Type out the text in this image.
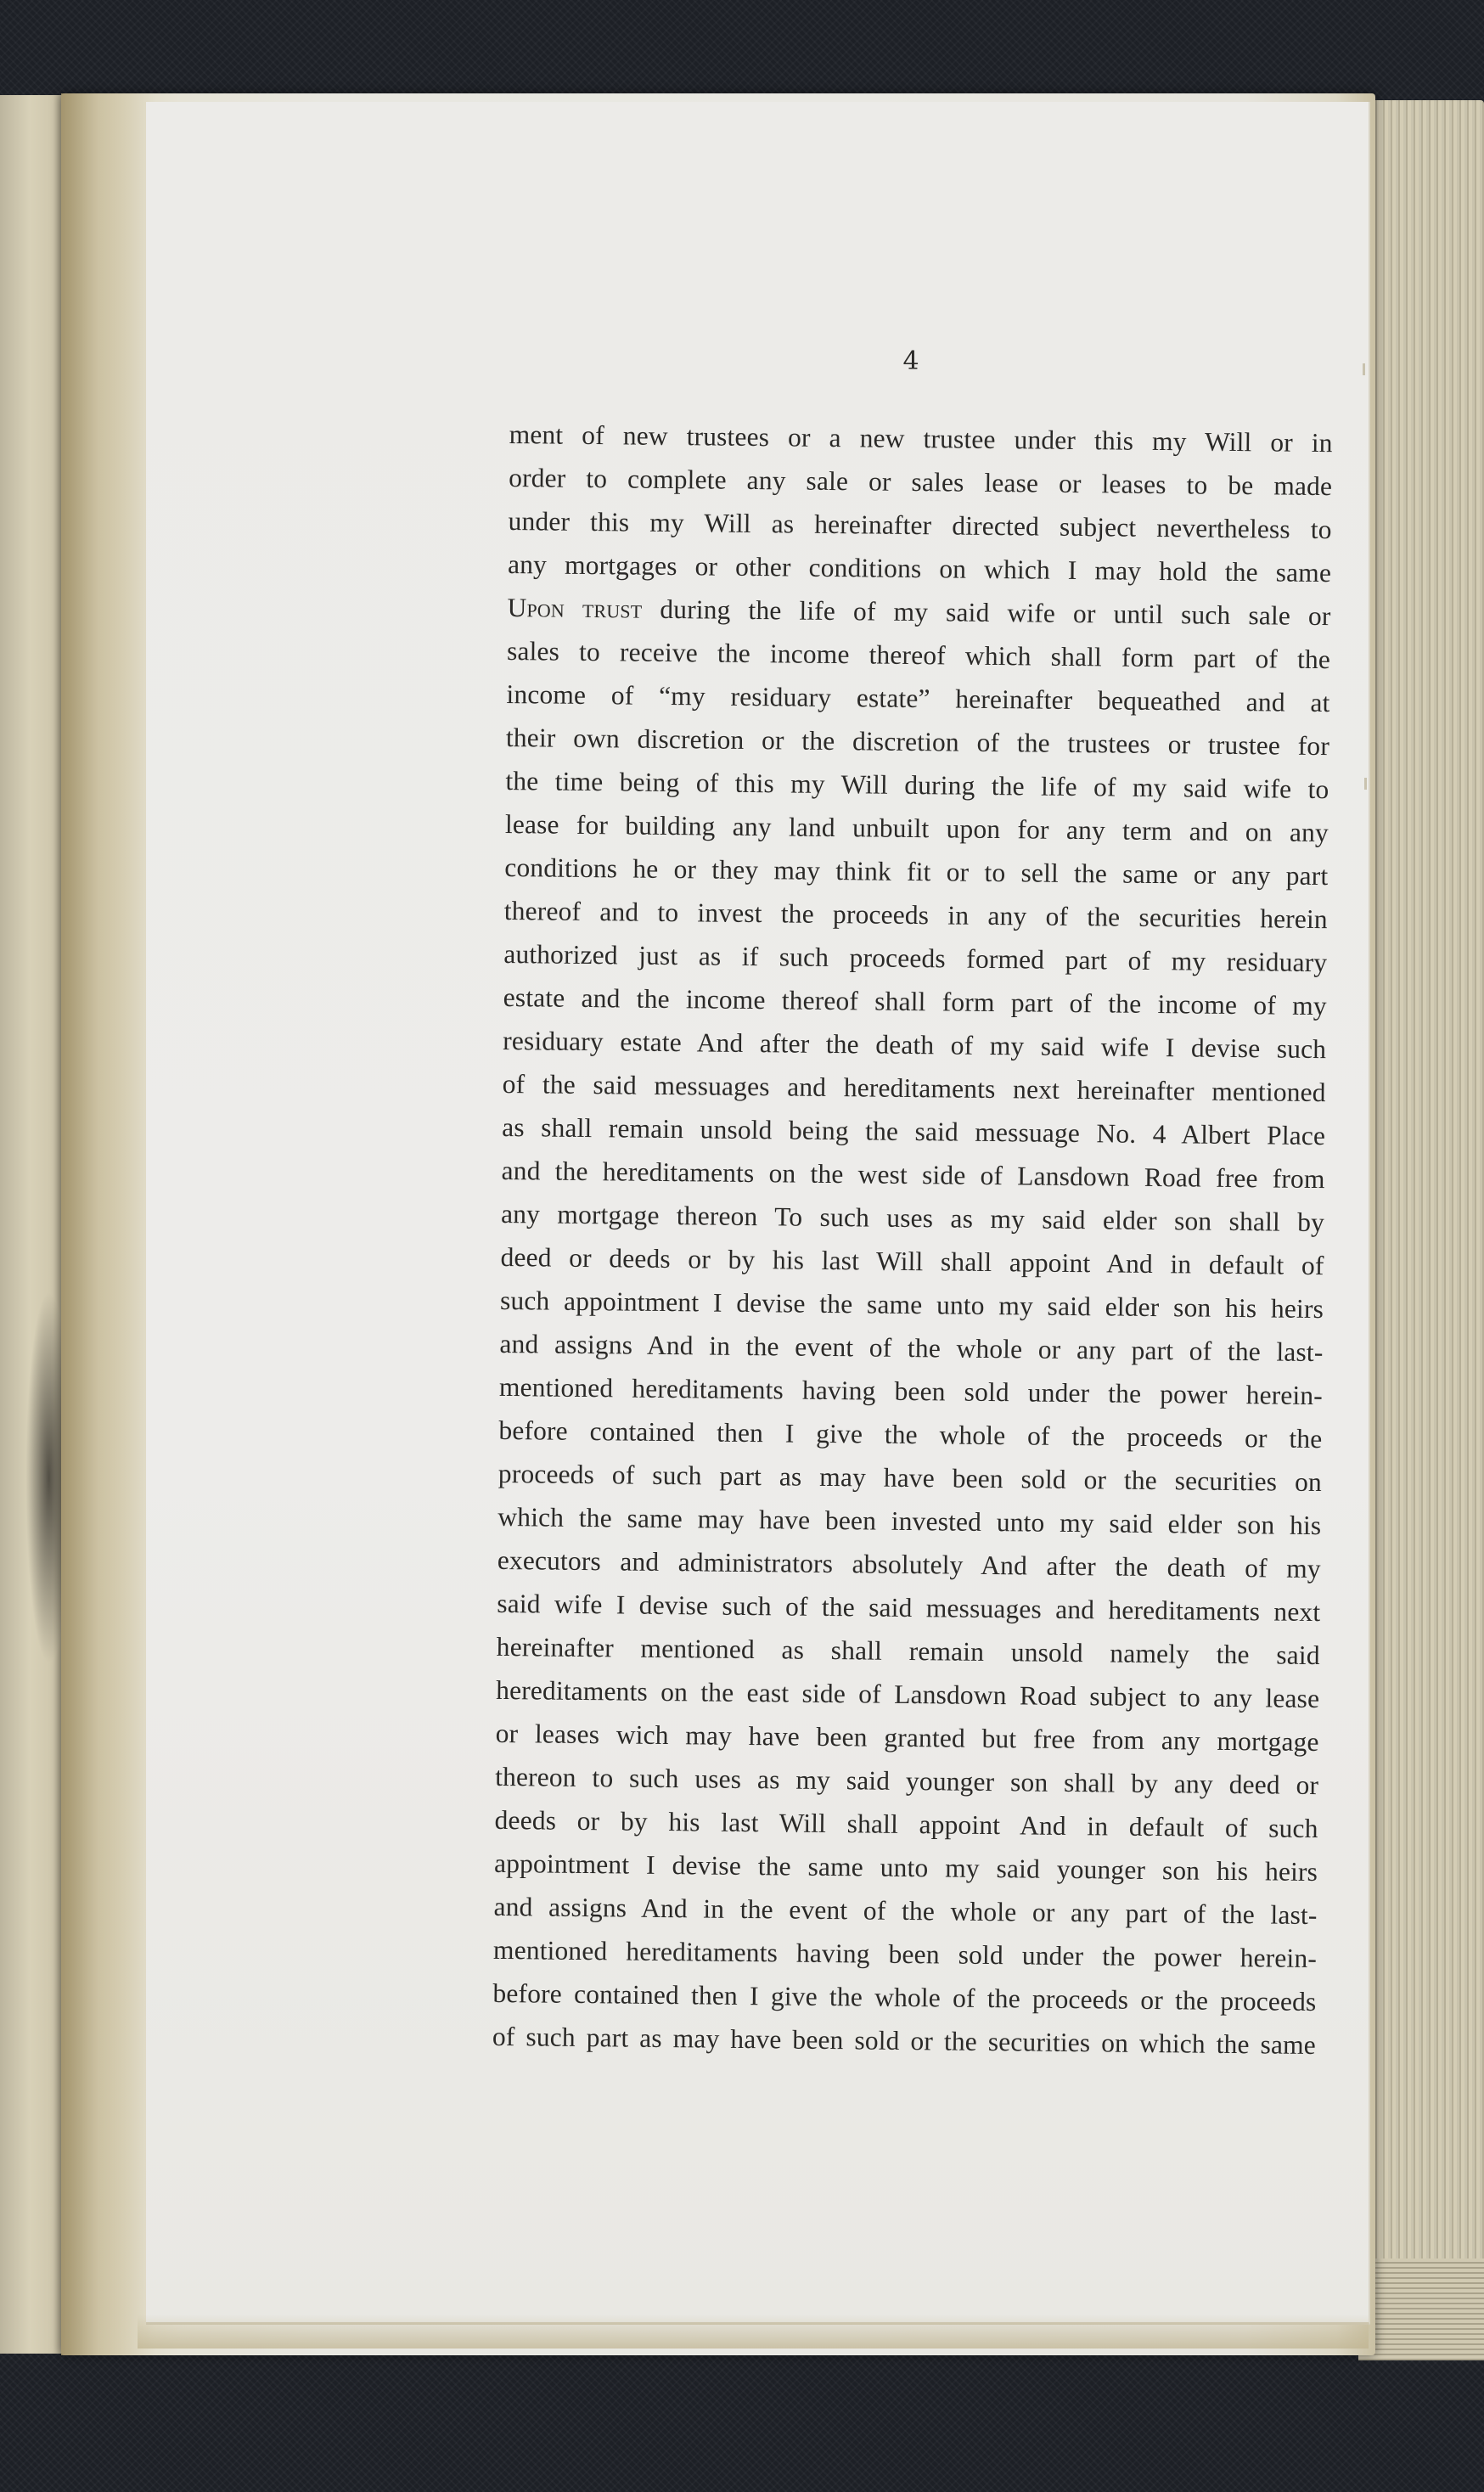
4
ment of new trustees or a new trustee under this my Will or in
order to complete any sale or sales lease or leases to be made
under this my Will as hereinafter directed subject nevertheless to
any mortgages or other conditions on which I may hold the same
Upon trust during the life of my said wife or until such sale or
sales to receive the income thereof which shall form part of the
income of “my residuary estate” hereinafter bequeathed and at
their own discretion or the discretion of the trustees or trustee for
the time being of this my Will during the life of my said wife to
lease for building any land unbuilt upon for any term and on any
conditions he or they may think fit or to sell the same or any part
thereof and to invest the proceeds in any of the securities herein
authorized just as if such proceeds formed part of my residuary
estate and the income thereof shall form part of the income of my
residuary estate And after the death of my said wife I devise such
of the said messuages and hereditaments next hereinafter mentioned
as shall remain unsold being the said messuage No. 4 Albert Place
and the hereditaments on the west side of Lansdown Road free from
any mortgage thereon To such uses as my said elder son shall by
deed or deeds or by his last Will shall appoint And in default of
such appointment I devise the same unto my said elder son his heirs
and assigns And in the event of the whole or any part of the last-
mentioned hereditaments having been sold under the power herein-
before contained then I give the whole of the proceeds or the
proceeds of such part as may have been sold or the securities on
which the same may have been invested unto my said elder son his
executors and administrators absolutely And after the death of my
said wife I devise such of the said messuages and hereditaments next
hereinafter mentioned as shall remain unsold namely the said
hereditaments on the east side of Lansdown Road subject to any lease
or leases wich may have been granted but free from any mortgage
thereon to such uses as my said younger son shall by any deed or
deeds or by his last Will shall appoint And in default of such
appointment I devise the same unto my said younger son his heirs
and assigns And in the event of the whole or any part of the last-
mentioned hereditaments having been sold under the power herein-
before contained then I give the whole of the proceeds or the proceeds
of such part as may have been sold or the securities on which the same
